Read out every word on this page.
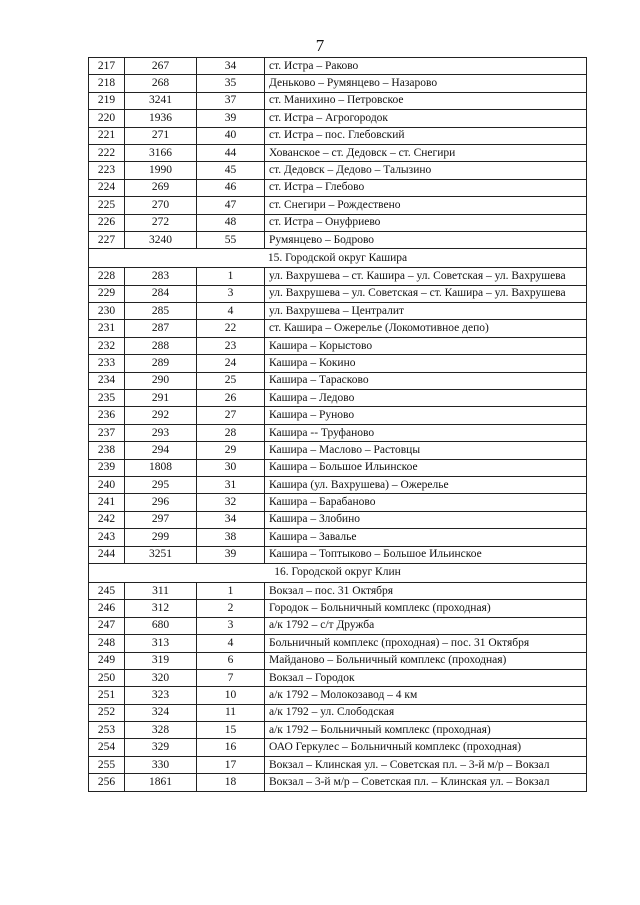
7
217	267	34	ст. Истра – Раково
218	268	35	Деньково – Румянцево – Назарово
219	3241	37	ст. Манихино – Петровское
220	1936	39	ст. Истра – Агрогородок
221	271	40	ст. Истра – пос. Глебовский
222	3166	44	Хованское – ст. Дедовск – ст. Снегири
223	1990	45	ст. Дедовск – Дедово – Талызино
224	269	46	ст. Истра – Глебово
225	270	47	ст. Снегири – Рождествено
226	272	48	ст. Истра – Онуфриево
227	3240	55	Румянцево – Бодрово
15. Городской округ Кашира			
228	283	1	ул. Вахрушева – ст. Кашира – ул. Советская – ул. Вахрушева
229	284	3	ул. Вахрушева – ул. Советская – ст. Кашира – ул. Вахрушева
230	285	4	ул. Вахрушева – Централит
231	287	22	ст. Кашира – Ожерелье (Локомотивное депо)
232	288	23	Кашира – Корыстово
233	289	24	Кашира – Кокино
234	290	25	Кашира – Тарасково
235	291	26	Кашира – Ледово
236	292	27	Кашира – Руново
237	293	28	Кашира -- Труфаново
238	294	29	Кашира – Маслово – Растовцы
239	1808	30	Кашира – Большое Ильинское
240	295	31	Кашира (ул. Вахрушева) – Ожерелье
241	296	32	Кашира – Барабаново
242	297	34	Кашира – Злобино
243	299	38	Кашира – Завалье
244	3251	39	Кашира – Топтыково – Большое Ильинское
16. Городской округ Клин			
245	311	1	Вокзал – пос. 31 Октября
246	312	2	Городок – Больничный комплекс (проходная)
247	680	3	а/к 1792 – с/т Дружба
248	313	4	Больничный комплекс (проходная) – пос. 31 Октября
249	319	6	Майданово – Больничный комплекс (проходная)
250	320	7	Вокзал – Городок
251	323	10	а/к 1792 – Молокозавод – 4 км
252	324	11	а/к 1792 – ул. Слободская
253	328	15	а/к 1792 – Больничный комплекс (проходная)
254	329	16	ОАО Геркулес – Больничный комплекс (проходная)
255	330	17	Вокзал – Клинская ул. – Советская пл. – 3-й м/р – Вокзал
256	1861	18	Вокзал – 3-й м/р – Советская пл. – Клинская ул. – Вокзал
